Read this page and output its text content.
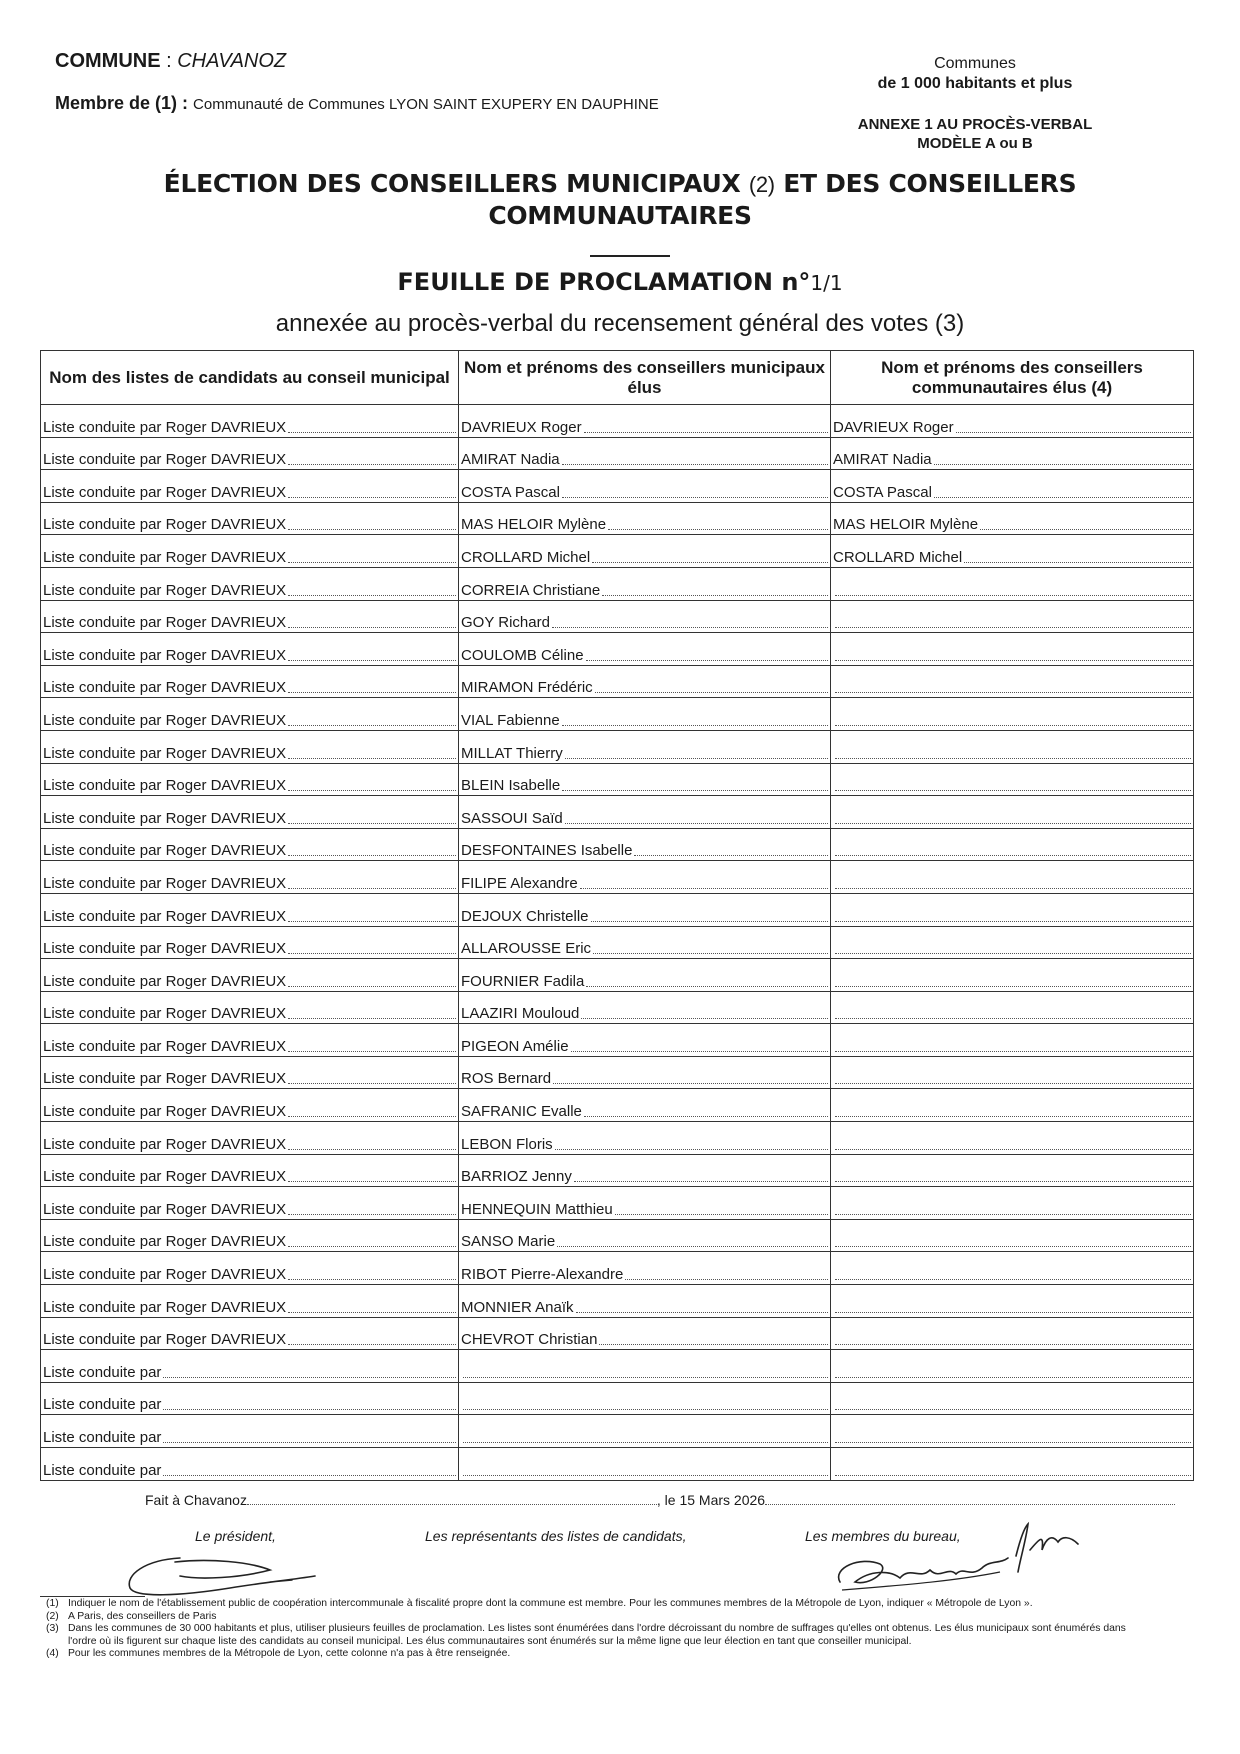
COMMUNE : CHAVANOZ
Membre de (1) : Communauté de Communes LYON SAINT EXUPERY EN DAUPHINE
Communes
de 1 000 habitants et plus
ANNEXE 1 AU PROCÈS-VERBAL
MODÈLE A ou B
ÉLECTION DES CONSEILLERS MUNICIPAUX (2) ET DES CONSEILLERS
COMMUNAUTAIRES
FEUILLE DE PROCLAMATION n°1/1
annexée au procès-verbal du recensement général des votes (3)
Nom des listes de candidats au conseil municipal	Nom et prénoms des conseillers municipaux élus	Nom et prénoms des conseillers communautaires élus (4)

Liste conduite par Roger DAVRIEUX	DAVRIEUX Roger	DAVRIEUX Roger

Liste conduite par Roger DAVRIEUX	AMIRAT Nadia	AMIRAT Nadia

Liste conduite par Roger DAVRIEUX	COSTA Pascal	COSTA Pascal

Liste conduite par Roger DAVRIEUX	MAS HELOIR Mylène	MAS HELOIR Mylène

Liste conduite par Roger DAVRIEUX	CROLLARD Michel	CROLLARD Michel

Liste conduite par Roger DAVRIEUX	CORREIA Christiane	

Liste conduite par Roger DAVRIEUX	GOY Richard	

Liste conduite par Roger DAVRIEUX	COULOMB Céline	

Liste conduite par Roger DAVRIEUX	MIRAMON Frédéric	

Liste conduite par Roger DAVRIEUX	VIAL Fabienne	

Liste conduite par Roger DAVRIEUX	MILLAT Thierry	

Liste conduite par Roger DAVRIEUX	BLEIN Isabelle	

Liste conduite par Roger DAVRIEUX	SASSOUI Saïd	

Liste conduite par Roger DAVRIEUX	DESFONTAINES Isabelle	

Liste conduite par Roger DAVRIEUX	FILIPE Alexandre	

Liste conduite par Roger DAVRIEUX	DEJOUX Christelle	

Liste conduite par Roger DAVRIEUX	ALLAROUSSE Eric	

Liste conduite par Roger DAVRIEUX	FOURNIER Fadila	

Liste conduite par Roger DAVRIEUX	LAAZIRI Mouloud	

Liste conduite par Roger DAVRIEUX	PIGEON Amélie	

Liste conduite par Roger DAVRIEUX	ROS Bernard	

Liste conduite par Roger DAVRIEUX	SAFRANIC Evalle	

Liste conduite par Roger DAVRIEUX	LEBON Floris	

Liste conduite par Roger DAVRIEUX	BARRIOZ Jenny	

Liste conduite par Roger DAVRIEUX	HENNEQUIN Matthieu	

Liste conduite par Roger DAVRIEUX	SANSO Marie	

Liste conduite par Roger DAVRIEUX	RIBOT Pierre-Alexandre	

Liste conduite par Roger DAVRIEUX	MONNIER Anaïk	

Liste conduite par Roger DAVRIEUX	CHEVROT Christian	

Liste conduite par		

Liste conduite par		

Liste conduite par		

Liste conduite par		

Fait à Chavanoz	, le 15 Mars 2026
Le président,	Les représentants des listes de candidats,	Les membres du bureau,
(1) Indiquer le nom de l'établissement public de coopération intercommunale à fiscalité propre dont la commune est membre. Pour les communes membres de la Métropole de Lyon, indiquer « Métropole de Lyon ».
(2) A Paris, des conseillers de Paris
(3) Dans les communes de 30 000 habitants et plus, utiliser plusieurs feuilles de proclamation. Les listes sont énumérées dans l'ordre décroissant du nombre de suffrages qu'elles ont obtenus. Les élus municipaux sont énumérés dans l'ordre où ils figurent sur chaque liste des candidats au conseil municipal. Les élus communautaires sont énumérés sur la même ligne que leur élection en tant que conseiller municipal.
(4) Pour les communes membres de la Métropole de Lyon, cette colonne n'a pas à être renseignée.
